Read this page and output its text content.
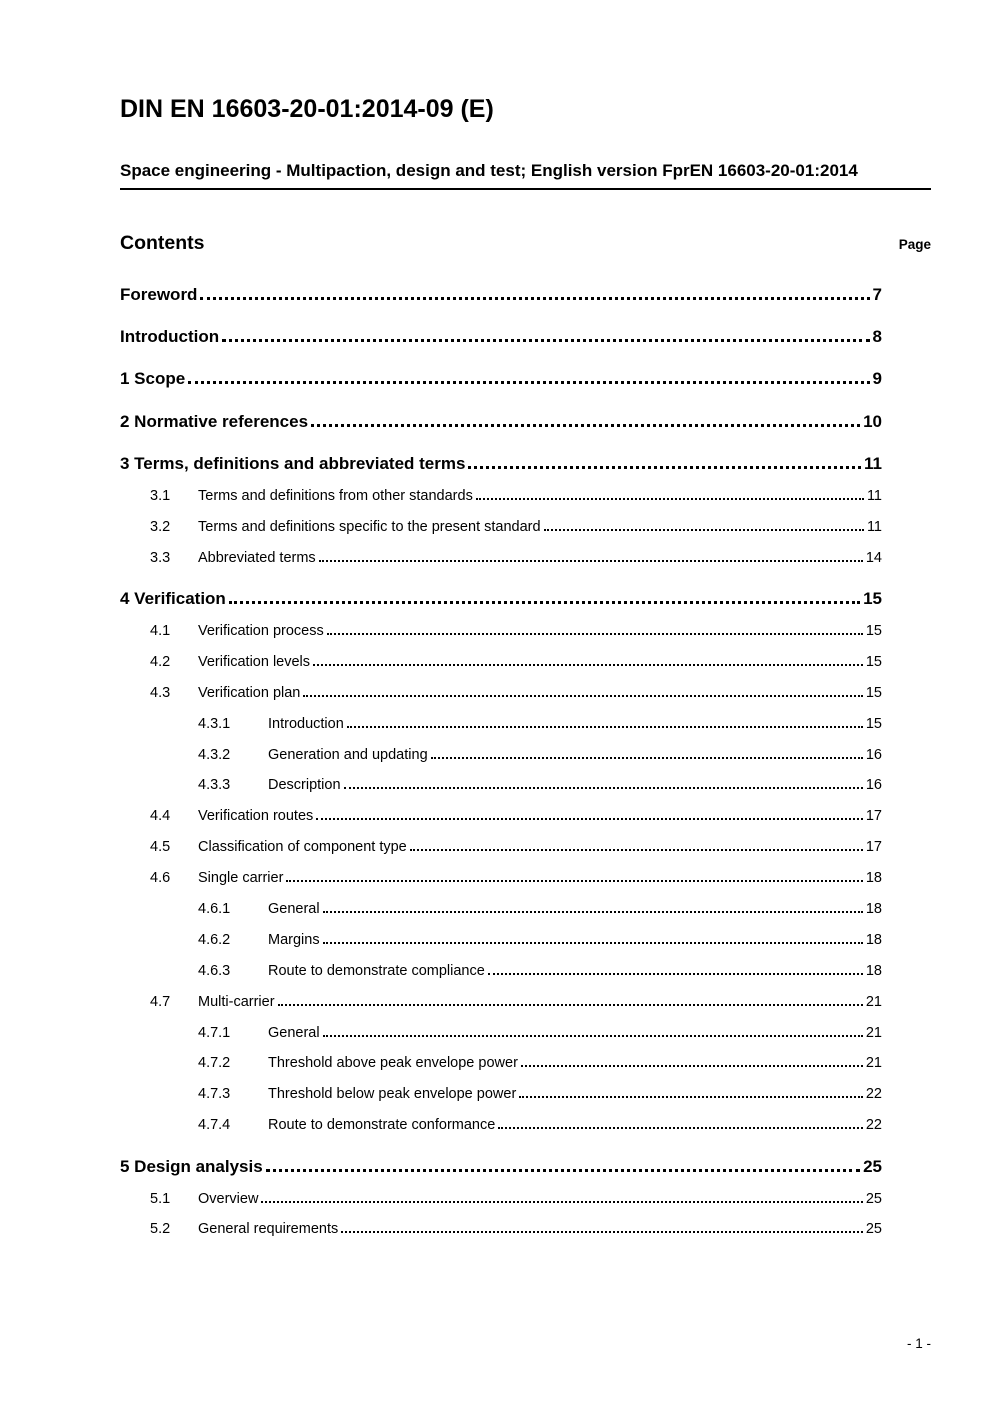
DIN EN 16603-20-01:2014-09 (E)

Space engineering - Multipaction, design and test; English version FprEN 16603-20-01:2014

Contents	Page
Foreword	7
Introduction	8
1 Scope	9
2 Normative references	10
3 Terms, definitions and abbreviated terms	11
3.1	Terms and definitions from other standards	11
3.2	Terms and definitions specific to the present standard	11
3.3	Abbreviated terms	14
4 Verification	15
4.1	Verification process	15
4.2	Verification levels	15
4.3	Verification plan	15
4.3.1	Introduction	15
4.3.2	Generation and updating	16
4.3.3	Description	16
4.4	Verification routes	17
4.5	Classification of component type	17
4.6	Single carrier	18
4.6.1	General	18
4.6.2	Margins	18
4.6.3	Route to demonstrate compliance	18
4.7	Multi-carrier	21
4.7.1	General	21
4.7.2	Threshold above peak envelope power	21
4.7.3	Threshold below peak envelope power	22
4.7.4	Route to demonstrate conformance	22
5 Design analysis	25
5.1	Overview	25
5.2	General requirements	25
- 1 -
